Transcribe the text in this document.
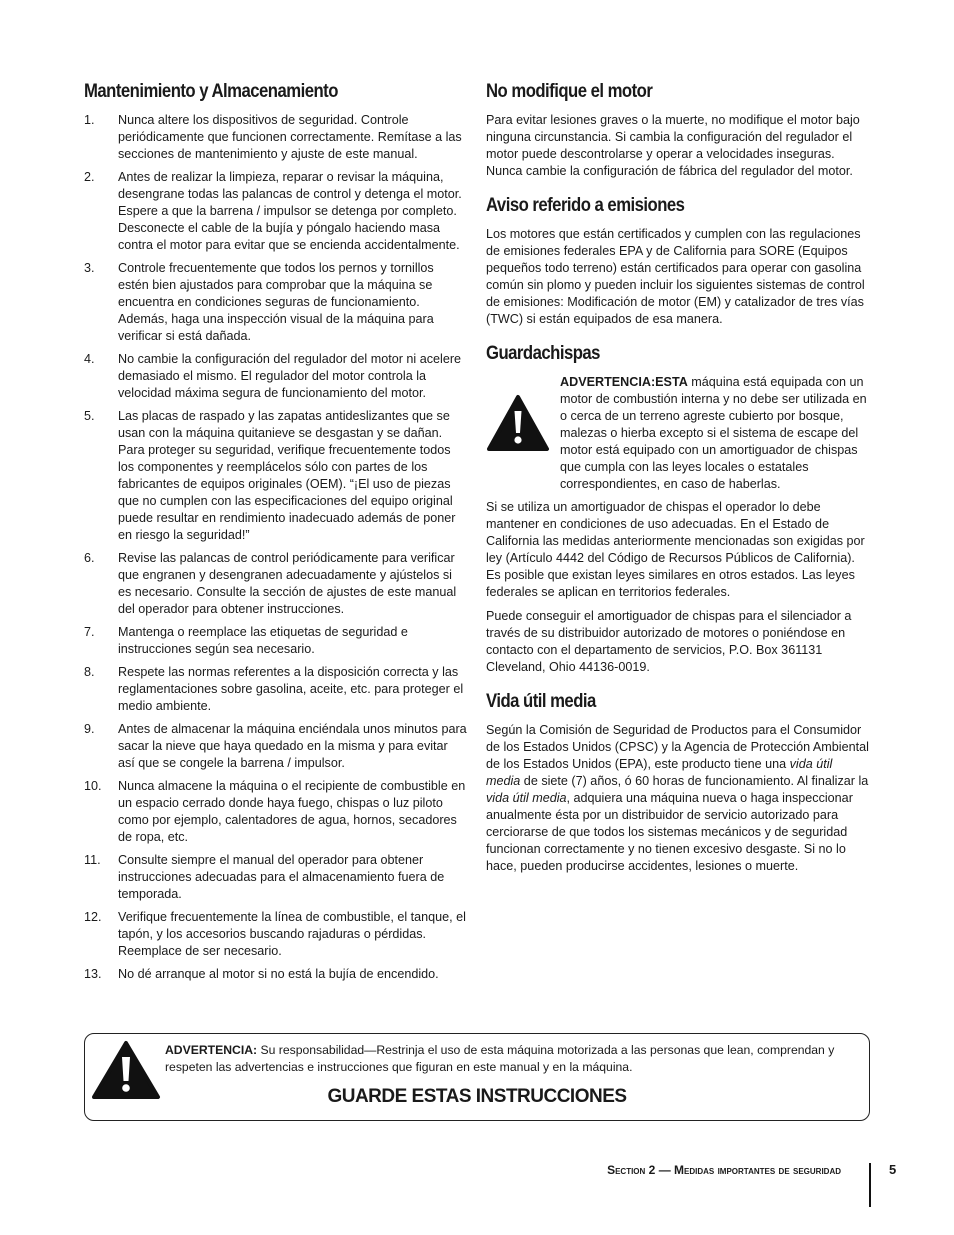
Mantenimiento y Almacenamiento
1.	Nunca altere los dispositivos de seguridad. Controle periódicamente que funcionen correctamente. Remítase a las secciones de mantenimiento y ajuste de este manual.
2.	Antes de realizar la limpieza, reparar o revisar la máquina, desengrane todas las palancas de control y detenga el motor. Espere a que la barrena / impulsor se detenga por completo. Desconecte el cable de la bujía y póngalo haciendo masa contra el motor para evitar que se encienda accidentalmente.
3.	Controle frecuentemente que todos los pernos y tornillos estén bien ajustados para comprobar que la máquina se encuentra en condiciones seguras de funcionamiento. Además, haga una inspección visual de la máquina para verificar si está dañada.
4.	No cambie la configuración del regulador del motor ni acelere demasiado el mismo. El regulador del motor controla la velocidad máxima segura de funcionamiento del motor.
5.	Las placas de raspado y las zapatas antideslizantes que se usan con la máquina quitanieve se desgastan y se dañan. Para proteger su seguridad, verifique frecuentemente todos los componentes y reemplácelos sólo con partes de los fabricantes de equipos originales (OEM). “¡El uso de piezas que no cumplen con las especificaciones del equipo original puede resultar en rendimiento inadecuado además de poner en riesgo la seguridad!”
6.	Revise las palancas de control periódicamente para verificar que engranen y desengranen adecuadamente y ajústelos si es necesario. Consulte la sección de ajustes de este manual del operador para obtener instrucciones.
7.	Mantenga o reemplace las etiquetas de seguridad e instrucciones según sea necesario.
8.	Respete las normas referentes a la disposición correcta y las reglamentaciones sobre gasolina, aceite, etc. para proteger el medio ambiente.
9.	Antes de almacenar la máquina enciéndala unos minutos para sacar la nieve que haya quedado en la misma y para evitar así que se congele la barrena / impulsor.
10.	Nunca almacene la máquina o el recipiente de combustible en un espacio cerrado donde haya fuego, chispas o luz piloto como por ejemplo, calentadores de agua, hornos, secadores de ropa, etc.
11.	Consulte siempre el manual del operador para obtener instrucciones adecuadas para el almacenamiento fuera de temporada.
12.	Verifique frecuentemente la línea de combustible, el tanque, el tapón, y los accesorios buscando rajaduras o pérdidas. Reemplace de ser necesario.
13.	No dé arranque al motor si no está la bujía de encendido.
No modifique el motor

Para evitar lesiones graves o la muerte, no modifique el motor bajo ninguna circunstancia. Si cambia la configuración del regulador el motor puede descontrolarse y operar a velocidades inseguras. Nunca cambie la configuración de fábrica del regulador del motor.

Aviso referido a emisiones

Los motores que están certificados y cumplen con las regulaciones de emisiones federales EPA y de California para SORE (Equipos pequeños todo terreno) están certificados para operar con gasolina común sin plomo y pueden incluir los siguientes sistemas de control de emisiones: Modificación de motor (EM) y catalizador de tres vías (TWC) si están equipados de esa manera.

Guardachispas

ADVERTENCIA:ESTA máquina está equipada con un motor de combustión interna y no debe ser utilizada en o cerca de un terreno agreste cubierto por bosque, malezas o hierba excepto si el sistema de escape del motor está equipado con un amortiguador de chispas que cumpla con las leyes locales o estatales correspondientes, en caso de haberlas.

Si se utiliza un amortiguador de chispas el operador lo debe mantener en condiciones de uso adecuadas. En el Estado de California las medidas anteriormente mencionadas son exigidas por ley (Artículo 4442 del Código de Recursos Públicos de California). Es posible que existan leyes similares en otros estados. Las leyes federales se aplican en territorios federales.

Puede conseguir el amortiguador de chispas para el silenciador a través de su distribuidor autorizado de motores o poniéndose en contacto con el departamento de servicios, P.O. Box 361131 Cleveland, Ohio 44136-0019.

Vida útil media

Según la Comisión de Seguridad de Productos para el Consumidor de los Estados Unidos (CPSC) y la Agencia de Protección Ambiental de los Estados Unidos (EPA), este producto tiene una vida útil media de siete (7) años, ó 60 horas de funcionamiento. Al finalizar la vida útil media, adquiera una máquina nueva o haga inspeccionar anualmente ésta por un distribuidor de servicio autorizado para cerciorarse de que todos los sistemas mecánicos y de seguridad funcionan correctamente y no tienen excesivo desgaste. Si no lo hace, pueden producirse accidentes, lesiones o muerte.

ADVERTENCIA: Su responsabilidad—Restrinja el uso de esta máquina motorizada a las personas que lean, comprendan y respeten las advertencias e instrucciones que figuran en este manual y en la máquina.
GUARDE ESTAS INSTRUCCIONES
Section 2 — Medidas importantes de seguridad	5
